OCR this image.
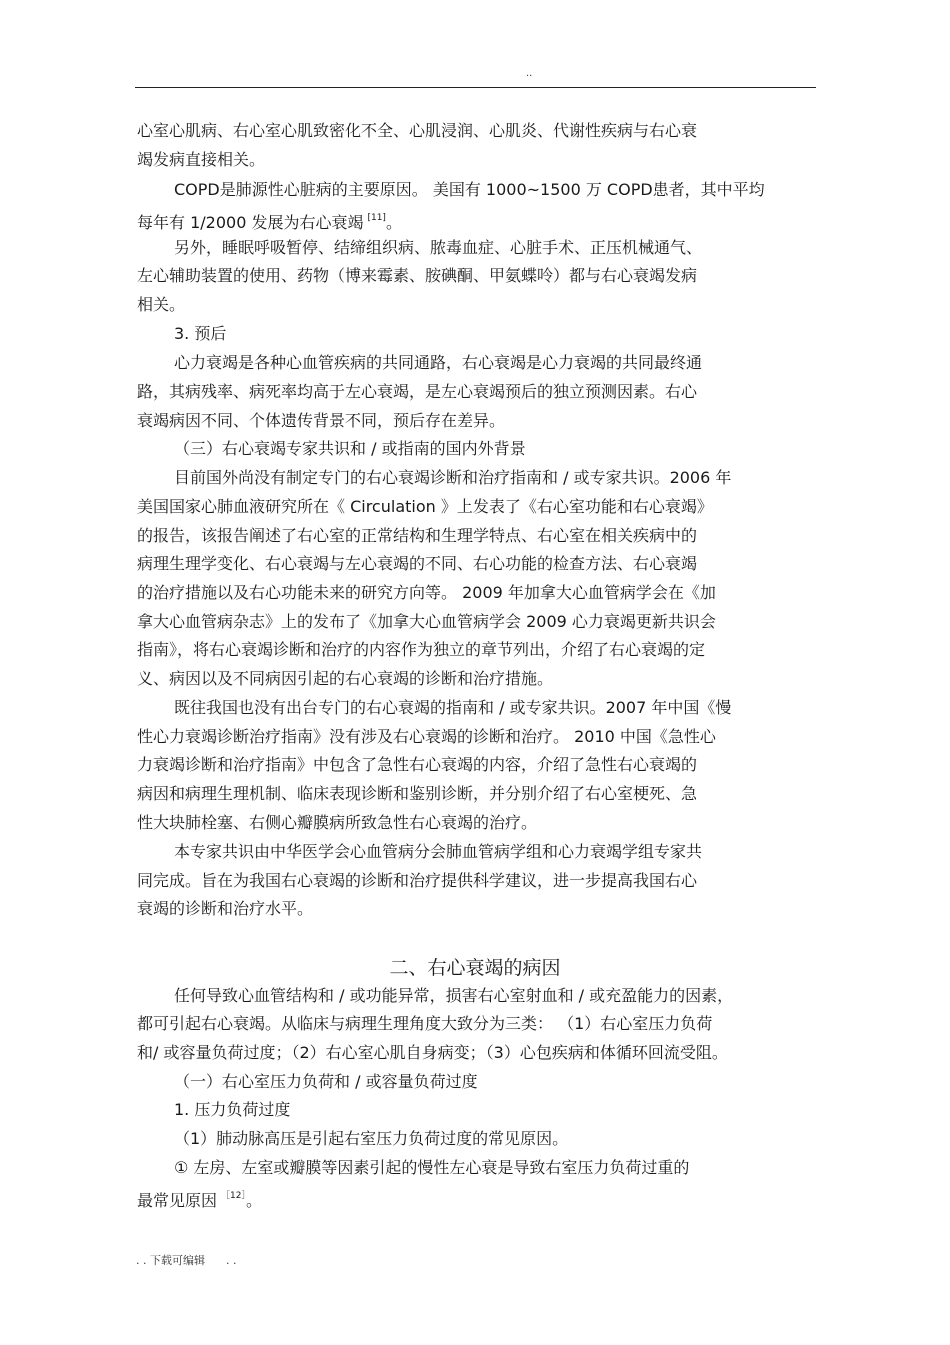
..
心室心肌病、右心室心肌致密化不全、心肌浸润、心肌炎、代谢性疾病与右心衰
竭发病直接相关。
COPD是肺源性心脏病的主要原因。 美国有 1000~1500 万 COPD患者，其中平均
每年有 1/2000 发展为右心衰竭 [11]。
另外，睡眠呼吸暂停、结缔组织病、脓毒血症、心脏手术、正压机械通气、
左心辅助装置的使用、药物（博来霉素、胺碘酮、甲氨蝶呤）都与右心衰竭发病
相关。
3. 预后
心力衰竭是各种心血管疾病的共同通路，右心衰竭是心力衰竭的共同最终通
路，其病残率、病死率均高于左心衰竭，是左心衰竭预后的独立预测因素。右心
衰竭病因不同、个体遗传背景不同，预后存在差异。
（三）右心衰竭专家共识和 / 或指南的国内外背景
目前国外尚没有制定专门的右心衰竭诊断和治疗指南和 / 或专家共识。2006 年
美国国家心肺血液研究所在《 Circulation 》上发表了《右心室功能和右心衰竭》
的报告，该报告阐述了右心室的正常结构和生理学特点、右心室在相关疾病中的
病理生理学变化、右心衰竭与左心衰竭的不同、右心功能的检查方法、右心衰竭
的治疗措施以及右心功能未来的研究方向等。 2009 年加拿大心血管病学会在《加
拿大心血管病杂志》上的发布了《加拿大心血管病学会 2009 心力衰竭更新共识会
指南》，将右心衰竭诊断和治疗的内容作为独立的章节列出，介绍了右心衰竭的定
义、病因以及不同病因引起的右心衰竭的诊断和治疗措施。
既往我国也没有出台专门的右心衰竭的指南和 / 或专家共识。2007 年中国《慢
性心力衰竭诊断治疗指南》没有涉及右心衰竭的诊断和治疗。 2010 中国《急性心
力衰竭诊断和治疗指南》中包含了急性右心衰竭的内容，介绍了急性右心衰竭的
病因和病理生理机制、临床表现诊断和鉴别诊断，并分别介绍了右心室梗死、急
性大块肺栓塞、右侧心瓣膜病所致急性右心衰竭的治疗。
本专家共识由中华医学会心血管病分会肺血管病学组和心力衰竭学组专家共
同完成。旨在为我国右心衰竭的诊断和治疗提供科学建议，进一步提高我国右心
衰竭的诊断和治疗水平。
二、右心衰竭的病因
任何导致心血管结构和 / 或功能异常，损害右心室射血和 / 或充盈能力的因素，
都可引起右心衰竭。从临床与病理生理角度大致分为三类： （1）右心室压力负荷
和/ 或容量负荷过度；（2）右心室心肌自身病变；（3）心包疾病和体循环回流受阻。
（一）右心室压力负荷和 / 或容量负荷过度
1. 压力负荷过度
（1）肺动脉高压是引起右室压力负荷过度的常见原因。
① 左房、左室或瓣膜等因素引起的慢性左心衰是导致右室压力负荷过重的
最常见原因 $^{[12]}$。
. . 下载可编辑      . .
